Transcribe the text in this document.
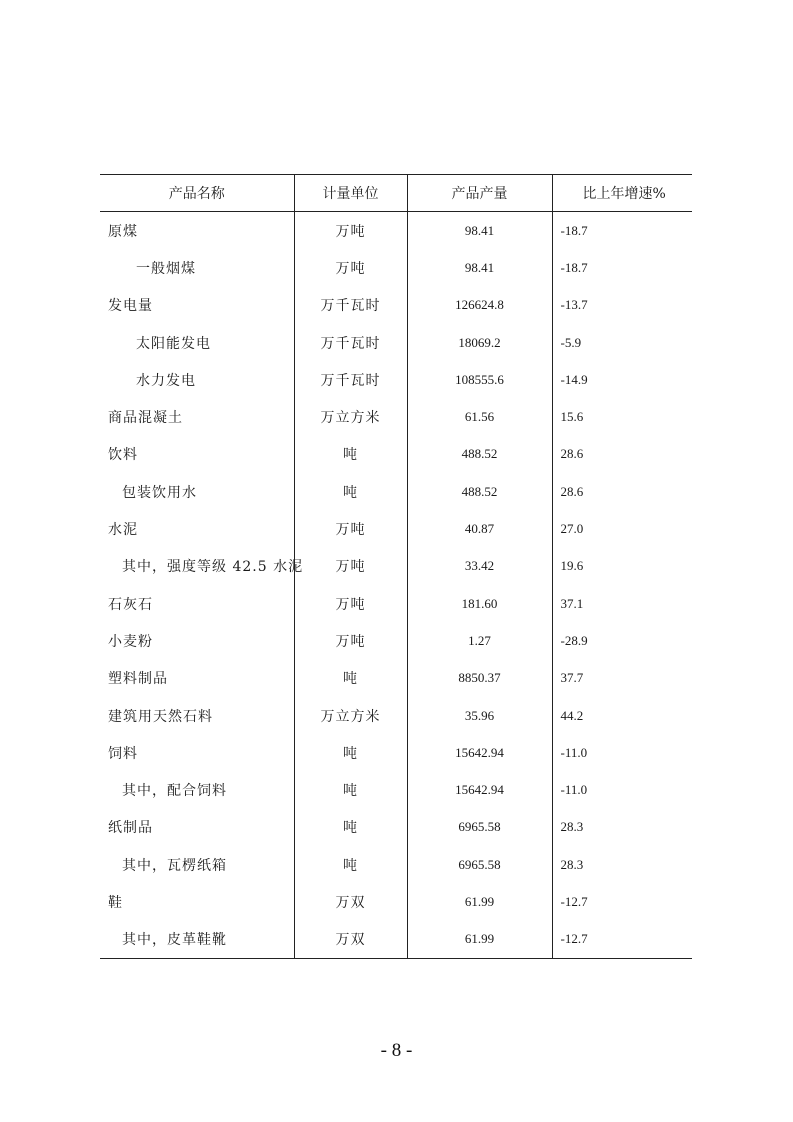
产品名称	计量单位	产品产量	比上年增速%
原煤	万吨	98.41	-18.7
一般烟煤	万吨	98.41	-18.7
发电量	万千瓦时	126624.8	-13.7
太阳能发电	万千瓦时	18069.2	-5.9
水力发电	万千瓦时	108555.6	-14.9
商品混凝土	万立方米	61.56	15.6
饮料	吨	488.52	28.6
包装饮用水	吨	488.52	28.6
水泥	万吨	40.87	27.0
其中，强度等级 42.5 水泥	万吨	33.42	19.6
石灰石	万吨	181.60	37.1
小麦粉	万吨	1.27	-28.9
塑料制品	吨	8850.37	37.7
建筑用天然石料	万立方米	35.96	44.2
饲料	吨	15642.94	-11.0
其中，配合饲料	吨	15642.94	-11.0
纸制品	吨	6965.58	28.3
其中，瓦楞纸箱	吨	6965.58	28.3
鞋	万双	61.99	-12.7
其中，皮革鞋靴	万双	61.99	-12.7
- 8 -
